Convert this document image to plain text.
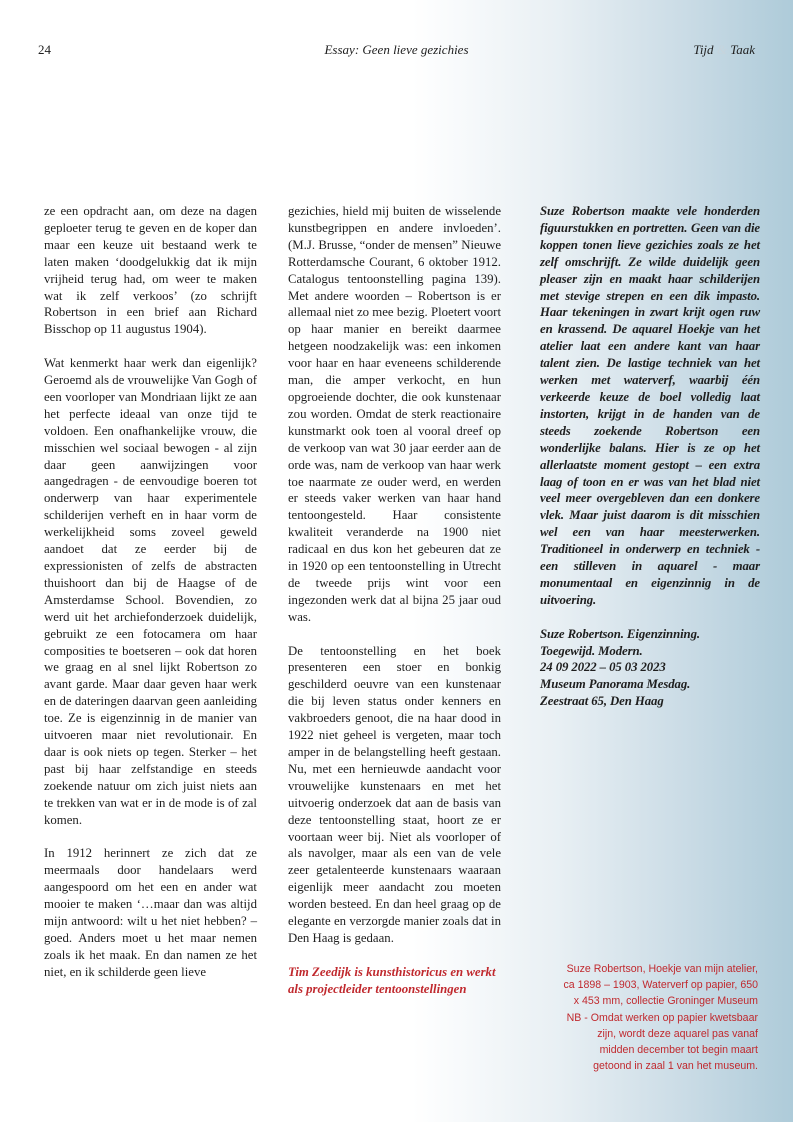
24	Essay: Geen lieve gezichies	Tijd & Taak

ze een opdracht aan, om deze na dagen geploeter terug te geven en de koper dan maar een keuze uit bestaand werk te laten maken ‘doodgelukkig dat ik mijn vrijheid terug had, om weer te maken wat ik zelf verkoos’ (zo schrijft Robertson in een brief aan Richard Bisschop op 11 augustus 1904).

Wat kenmerkt haar werk dan eigenlijk? Geroemd als de vrouwelijke Van Gogh of een voorloper van Mondriaan lijkt ze aan het perfecte ideaal van onze tijd te voldoen. Een onafhankelijke vrouw, die misschien wel sociaal bewogen - al zijn daar geen aanwijzingen voor aangedragen - de eenvoudige boeren tot onderwerp van haar experimentele schilderijen verheft en in haar vorm de werkelijkheid soms zoveel geweld aandoet dat ze eerder bij de expressionisten of zelfs de abstracten thuishoort dan bij de Haagse of de Amsterdamse School. Bovendien, zo werd uit het archiefonderzoek duidelijk, gebruikt ze een fotocamera om haar composities te boetseren – ook dat horen we graag en al snel lijkt Robertson zo avant garde. Maar daar geven haar werk en de dateringen daarvan geen aanleiding toe. Ze is eigenzinnig in de manier van uitvoeren maar niet revolutionair. En daar is ook niets op tegen. Sterker – het past bij haar zelfstandige en steeds zoekende natuur om zich juist niets aan te trekken van wat er in de mode is of zal komen.

In 1912 herinnert ze zich dat ze meermaals door handelaars werd aangespoord om het een en ander wat mooier te maken ‘…maar dan was altijd mijn antwoord: wilt u het niet hebben? – goed. Anders moet u het maar nemen zoals ik het maak. En dan namen ze het niet, en ik schilderde geen lieve

gezichies, hield mij buiten de wisselende kunstbegrippen en andere invloeden’. (M.J. Brusse, “onder de mensen” Nieuwe Rotterdamsche Courant, 6 oktober 1912. Catalogus tentoonstelling pagina 139). Met andere woorden – Robertson is er allemaal niet zo mee bezig. Ploetert voort op haar manier en bereikt daarmee hetgeen noodzakelijk was: een inkomen voor haar en haar eveneens schilderende man, die amper verkocht, en hun opgroeiende dochter, die ook kunstenaar zou worden. Omdat de sterk reactionaire kunstmarkt ook toen al vooral dreef op de verkoop van wat 30 jaar eerder aan de orde was, nam de verkoop van haar werk toe naarmate ze ouder werd, en werden er steeds vaker werken van haar hand tentoongesteld. Haar consistente kwaliteit veranderde na 1900 niet radicaal en dus kon het gebeuren dat ze in 1920 op een tentoonstelling in Utrecht de tweede prijs wint voor een ingezonden werk dat al bijna 25 jaar oud was.

De tentoonstelling en het boek presenteren een stoer en bonkig geschilderd oeuvre van een kunstenaar die bij leven status onder kenners en vakbroeders genoot, die na haar dood in 1922 niet geheel is vergeten, maar toch amper in de belangstelling heeft gestaan. Nu, met een hernieuwde aandacht voor vrouwelijke kunstenaars en met het uitvoerig onderzoek dat aan de basis van deze tentoonstelling staat, hoort ze er voortaan weer bij. Niet als voorloper of als navolger, maar als een van de vele zeer getalenteerde kunstenaars waaraan eigenlijk meer aandacht zou moeten worden besteed. En dan heel graag op de elegante en verzorgde manier zoals dat in Den Haag is gedaan.

Tim Zeedijk is kunsthistoricus en werkt als projectleider tentoonstellingen

Suze Robertson maakte vele honderden figuurstukken en portretten. Geen van die koppen tonen lieve gezichies zoals ze het zelf omschrijft. Ze wilde duidelijk geen pleaser zijn en maakt haar schilderijen met stevige strepen en een dik impasto. Haar tekeningen in zwart krijt ogen ruw en krassend. De aquarel Hoekje van het atelier laat een andere kant van haar talent zien. De lastige techniek van het werken met waterverf, waarbij één verkeerde keuze de boel volledig laat instorten, krijgt in de handen van de steeds zoekende Robertson een wonderlijke balans. Hier is ze op het allerlaatste moment gestopt – een extra laag of toon en er was van het blad niet veel meer overgebleven dan een donkere vlek. Maar juist daarom is dit misschien wel een van haar meesterwerken. Traditioneel in onderwerp en techniek - een stilleven in aquarel - maar monumentaal en eigenzinnig in de uitvoering.

Suze Robertson. Eigenzinning.
Toegewijd. Modern.
24 09 2022 – 05 03 2023
Museum Panorama Mesdag.
Zeestraat 65, Den Haag

Suze Robertson, Hoekje van mijn atelier,
ca 1898 – 1903, Waterverf op papier, 650
x 453 mm, collectie Groninger Museum
NB - Omdat werken op papier kwetsbaar
zijn, wordt deze aquarel pas vanaf
midden december tot begin maart
getoond in zaal 1 van het museum.
